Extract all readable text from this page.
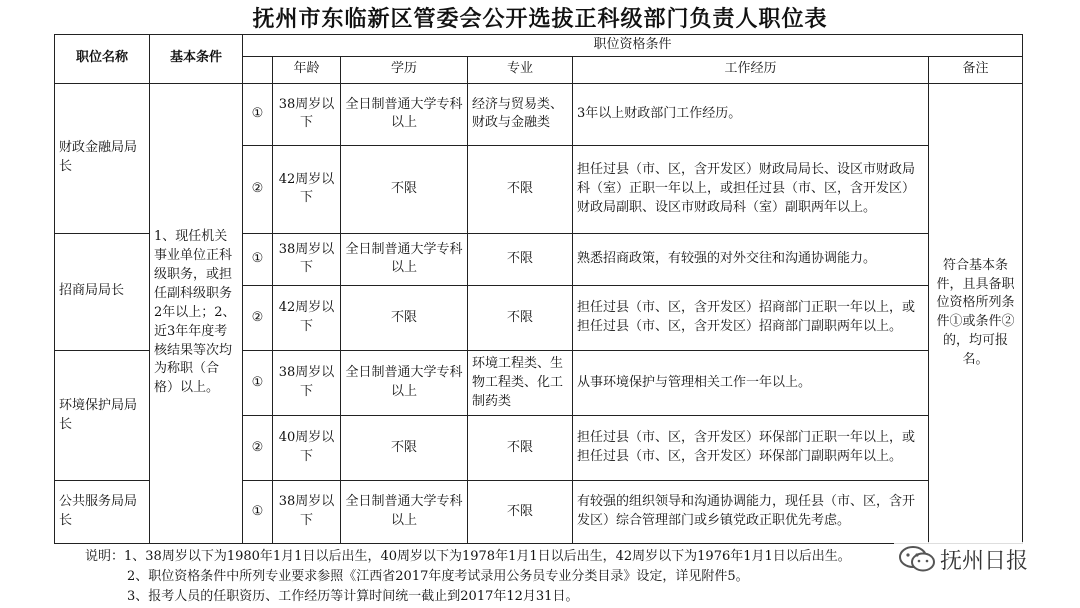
抚州市东临新区管委会公开选拔正科级部门负责人职位表
职位名称	基本条件	职位资格条件					
			年龄	学历	专业	工作经历	备注
财政金融局局长	1、现任机关事业单位正科级职务，或担任副科级职务2年以上；2、近3年年度考核结果等次均为称职（合格）以上。	①	38周岁以下	全日制普通大学专科以上	经济与贸易类、财政与金融类	3年以上财政部门工作经历。	符合基本条件，且具备职位资格所列条件①或条件②的，均可报名。
		②	42周岁以下	不限	不限	担任过县（市、区，含开发区）财政局局长、设区市财政局科（室）正职一年以上，或担任过县（市、区，含开发区）财政局副职、设区市财政局科（室）副职两年以上。	
招商局局长		①	38周岁以下	全日制普通大学专科以上	不限	熟悉招商政策，有较强的对外交往和沟通协调能力。	
		②	42周岁以下	不限	不限	担任过县（市、区，含开发区）招商部门正职一年以上，或担任过县（市、区，含开发区）招商部门副职两年以上。	
环境保护局局长		①	38周岁以下	全日制普通大学专科以上	环境工程类、生物工程类、化工制药类	从事环境保护与管理相关工作一年以上。	
		②	40周岁以下	不限	不限	担任过县（市、区，含开发区）环保部门正职一年以上，或担任过县（市、区，含开发区）环保部门副职两年以上。	
公共服务局局长		①	38周岁以下	全日制普通大学专科以上	不限	有较强的组织领导和沟通协调能力，现任县（市、区，含开发区）综合管理部门或乡镇党政正职优先考虑。	
说明：1、38周岁以下为1980年1月1日以后出生，40周岁以下为1978年1月1日以后出生，42周岁以下为1976年1月1日以后出生。
2、职位资格条件中所列专业要求参照《江西省2017年度考试录用公务员专业分类目录》设定，详见附件5。
3、报考人员的任职资历、工作经历等计算时间统一截止到2017年12月31日。
抚州日报
